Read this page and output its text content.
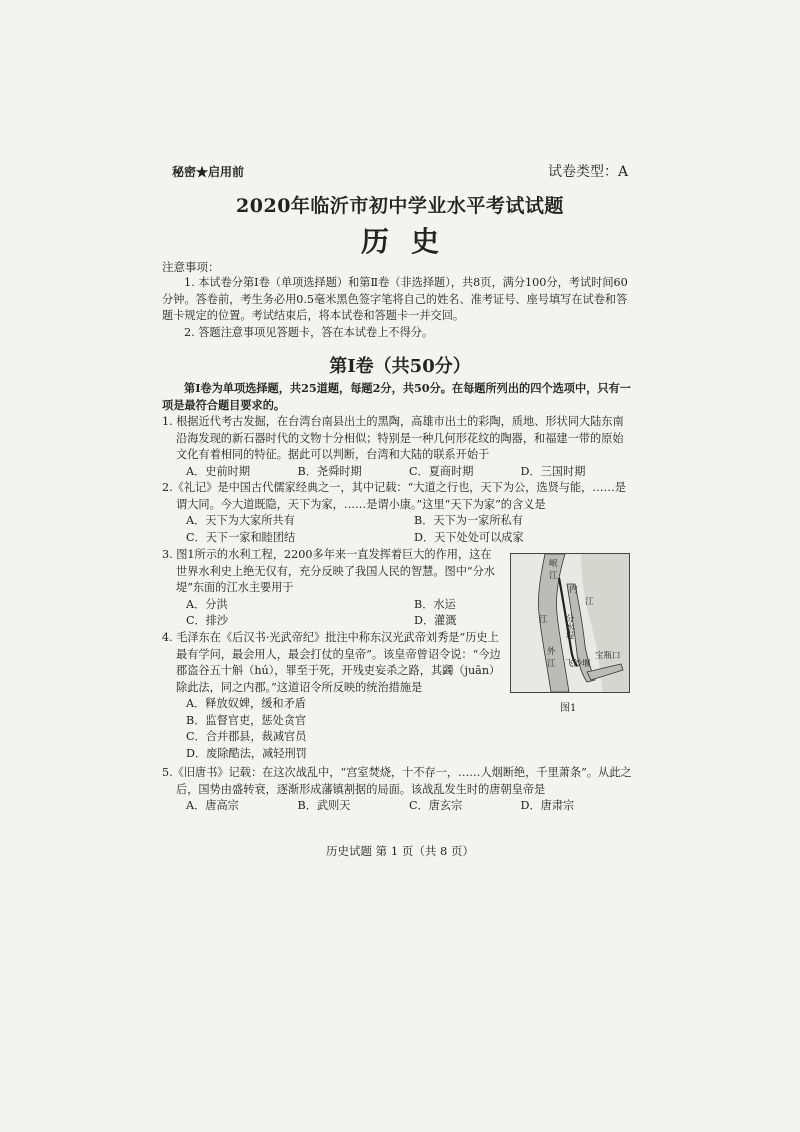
秘密★启用前	试卷类型：A
2020年临沂市初中学业水平考试试题
历史
注意事项：
1. 本试卷分第Ⅰ卷（单项选择题）和第Ⅱ卷（非选择题），共8页，满分100分，考试时间60分钟。答卷前，考生务必用0.5毫米黑色签字笔将自己的姓名、准考证号、座号填写在试卷和答题卡规定的位置。考试结束后，将本试卷和答题卡一并交回。
2. 答题注意事项见答题卡，答在本试卷上不得分。
第Ⅰ卷（共50分）
第Ⅰ卷为单项选择题，共25道题，每题2分，共50分。在每题所列出的四个选项中，只有一项是最符合题目要求的。
1. 根据近代考古发掘，在台湾台南县出土的黑陶，高雄市出土的彩陶，质地、形状同大陆东南沿海发现的新石器时代的文物十分相似；特别是一种几何形花纹的陶器，和福建一带的原始文化有着相同的特征。据此可以判断，台湾和大陆的联系开始于
A．史前时期	B．尧舜时期	C．夏商时期	D．三国时期
2.《礼记》是中国古代儒家经典之一，其中记载：“大道之行也，天下为公，选贤与能，……是谓大同。今大道既隐，天下为家，……是谓小康。”这里“天下为家”的含义是
A．天下为大家所共有	B．天下为一家所私有
C．天下一家和睦团结	D．天下处处可以成家
3. 图1所示的水利工程，2200多年来一直发挥着巨大的作用，这在世界水利史上绝无仅有，充分反映了我国人民的智慧。图中“分水堤”东面的江水主要用于
A．分洪	B．水运
C．排沙	D．灌溉
4. 毛泽东在《后汉书·光武帝纪》批注中称东汉光武帝刘秀是“历史上最有学问，最会用人，最会打仗的皇帝”。该皇帝曾诏令说：“今边郡盗谷五十斛（hú），罪至于死，开残吏妄杀之路，其蠲（juān）除此法，同之内郡。”这道诏令所反映的统治措施是
A．释放奴婢，缓和矛盾
B．监督官吏，惩处贪官
C．合并郡县，裁减官员
D．废除酷法，减轻刑罚
5.《旧唐书》记载：在这次战乱中，“宫室焚烧，十不存一，……人烟断绝，千里萧条”。从此之后，国势由盛转衰，逐渐形成藩镇割据的局面。该战乱发生时的唐朝皇帝是
A．唐高宗	B．武则天	C．唐玄宗	D．唐肃宗
岷
江
内
江
分水堤
江
外
江 飞沙堰
宝瓶口
图1
历史试题 第 1 页（共 8 页）
